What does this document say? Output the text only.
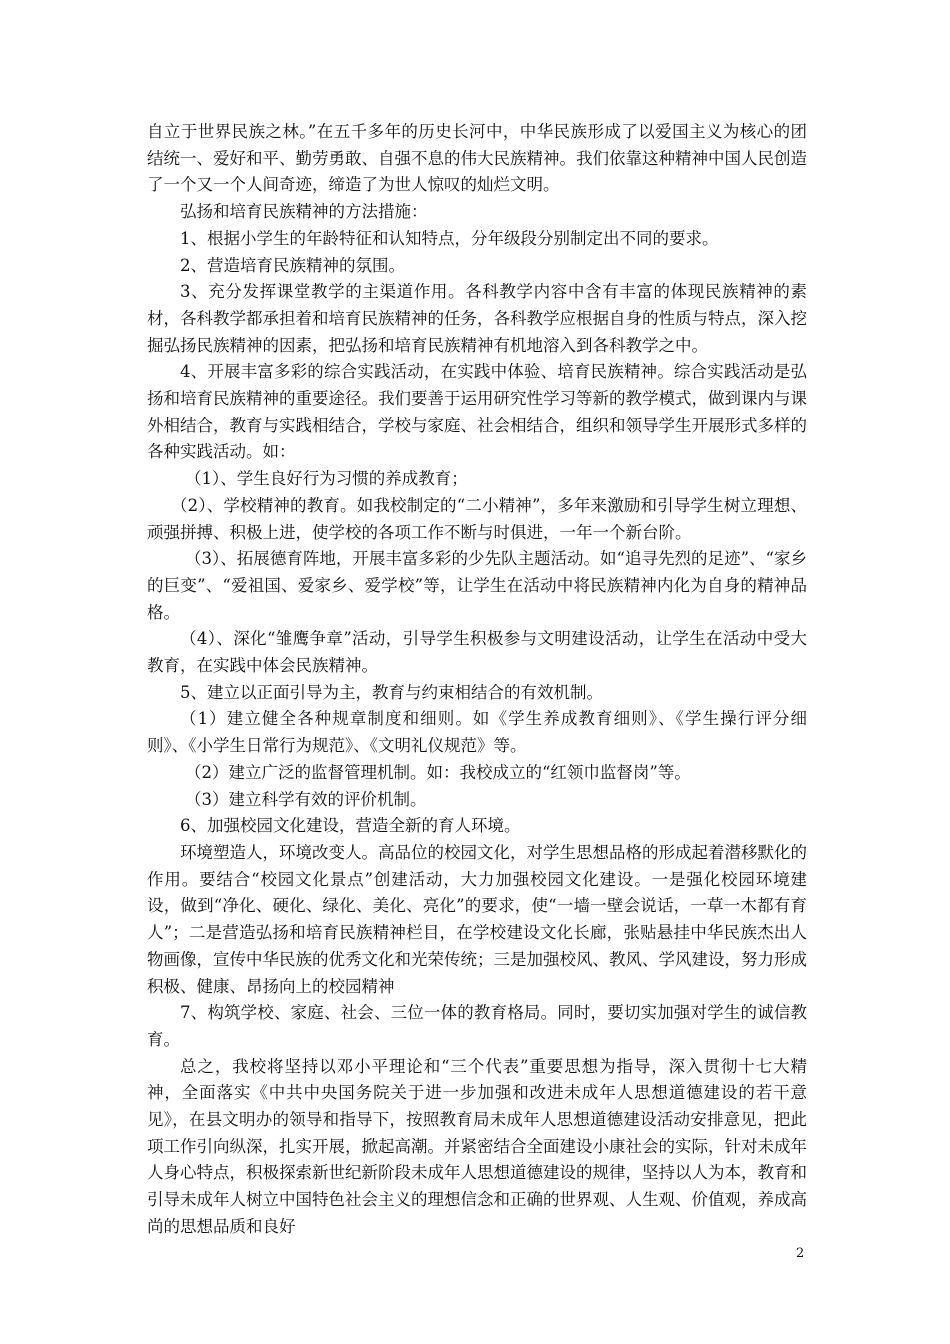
自立于世界民族之林。”在五千多年的历史长河中，中华民族形成了以爱国主义为核心的团结统一、爱好和平、勤劳勇敢、自强不息的伟大民族精神。我们依靠这种精神中国人民创造了一个又一个人间奇迹，缔造了为世人惊叹的灿烂文明。

弘扬和培育民族精神的方法措施：

1、根据小学生的年龄特征和认知特点，分年级段分别制定出不同的要求。

2、营造培育民族精神的氛围。

3、充分发挥课堂教学的主渠道作用。各科教学内容中含有丰富的体现民族精神的素材，各科教学都承担着和培育民族精神的任务，各科教学应根据自身的性质与特点，深入挖掘弘扬民族精神的因素，把弘扬和培育民族精神有机地溶入到各科教学之中。

4、开展丰富多彩的综合实践活动，在实践中体验、培育民族精神。综合实践活动是弘扬和培育民族精神的重要途径。我们要善于运用研究性学习等新的教学模式，做到课内与课外相结合，教育与实践相结合，学校与家庭、社会相结合，组织和领导学生开展形式多样的各种实践活动。如：

（1）、学生良好行为习惯的养成教育；

（2）、学校精神的教育。如我校制定的“二小精神”，多年来激励和引导学生树立理想、顽强拼搏、积极上进，使学校的各项工作不断与时俱进，一年一个新台阶。

（3）、拓展德育阵地，开展丰富多彩的少先队主题活动。如“追寻先烈的足迹”、“家乡的巨变”、“爱祖国、爱家乡、爱学校”等，让学生在活动中将民族精神内化为自身的精神品格。

（4）、深化“雏鹰争章”活动，引导学生积极参与文明建设活动，让学生在活动中受大教育，在实践中体会民族精神。

5、建立以正面引导为主，教育与约束相结合的有效机制。

（1）建立健全各种规章制度和细则。如《学生养成教育细则》、《学生操行评分细则》、《小学生日常行为规范》、《文明礼仪规范》等。

（2）建立广泛的监督管理机制。如：我校成立的“红领巾监督岗”等。

（3）建立科学有效的评价机制。

6、加强校园文化建设，营造全新的育人环境。

环境塑造人，环境改变人。高品位的校园文化，对学生思想品格的形成起着潜移默化的作用。要结合“校园文化景点”创建活动，大力加强校园文化建设。一是强化校园环境建设，做到“净化、硬化、绿化、美化、亮化”的要求，使“一墙一壁会说话，一草一木都有育人”；二是营造弘扬和培育民族精神栏目，在学校建设文化长廊，张贴悬挂中华民族杰出人物画像，宣传中华民族的优秀文化和光荣传统；三是加强校风、教风、学风建设，努力形成积极、健康、昂扬向上的校园精神

7、构筑学校、家庭、社会、三位一体的教育格局。同时，要切实加强对学生的诚信教育。

总之，我校将坚持以邓小平理论和“三个代表”重要思想为指导，深入贯彻十七大精神，全面落实《中共中央国务院关于进一步加强和改进未成年人思想道德建设的若干意见》，在县文明办的领导和指导下，按照教育局未成年人思想道德建设活动安排意见，把此项工作引向纵深，扎实开展，掀起高潮。并紧密结合全面建设小康社会的实际，针对未成年人身心特点，积极探索新世纪新阶段未成年人思想道德建设的规律，坚持以人为本，教育和引导未成年人树立中国特色社会主义的理想信念和正确的世界观、人生观、价值观，养成高尚的思想品质和良好

2
